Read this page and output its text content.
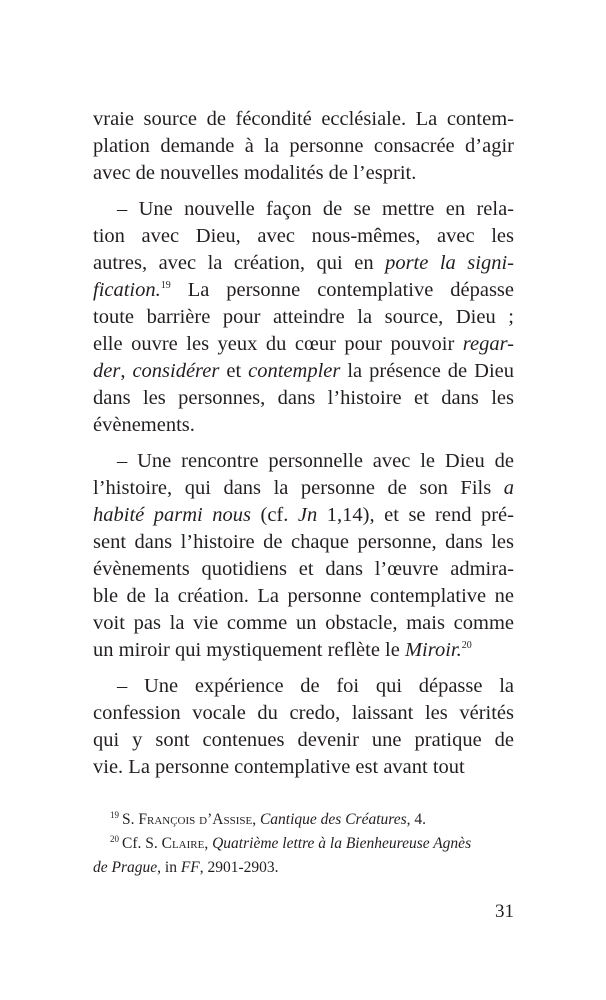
vraie source de fécondité ecclésiale. La contem-
plation demande à la personne consacrée d’agir
avec de nouvelles modalités de l’esprit.
– Une nouvelle façon de se mettre en rela-
tion avec Dieu, avec nous-mêmes, avec les
autres, avec la création, qui en porte la signi-
fication.$^{19}$ La personne contemplative dépasse
toute barrière pour atteindre la source, Dieu ;
elle ouvre les yeux du cœur pour pouvoir regar-
der, considérer et contempler la présence de Dieu
dans les personnes, dans l’histoire et dans les
évènements.
– Une rencontre personnelle avec le Dieu de
l’histoire, qui dans la personne de son Fils a
habité parmi nous (cf. Jn 1,14), et se rend pré-
sent dans l’histoire de chaque personne, dans les
évènements quotidiens et dans l’œuvre admira-
ble de la création. La personne contemplative ne
voit pas la vie comme un obstacle, mais comme
un miroir qui mystiquement reflète le Miroir.$^{20}$
– Une expérience de foi qui dépasse la
confession vocale du credo, laissant les vérités
qui y sont contenues devenir une pratique de
vie. La personne contemplative est avant tout
$^{19}$ S. François d’Assise, Cantique des Créatures, 4.
$^{20}$ Cf. S. Claire, Quatrième lettre à la Bienheureuse Agnès
de Prague, in FF, 2901-2903.
31
